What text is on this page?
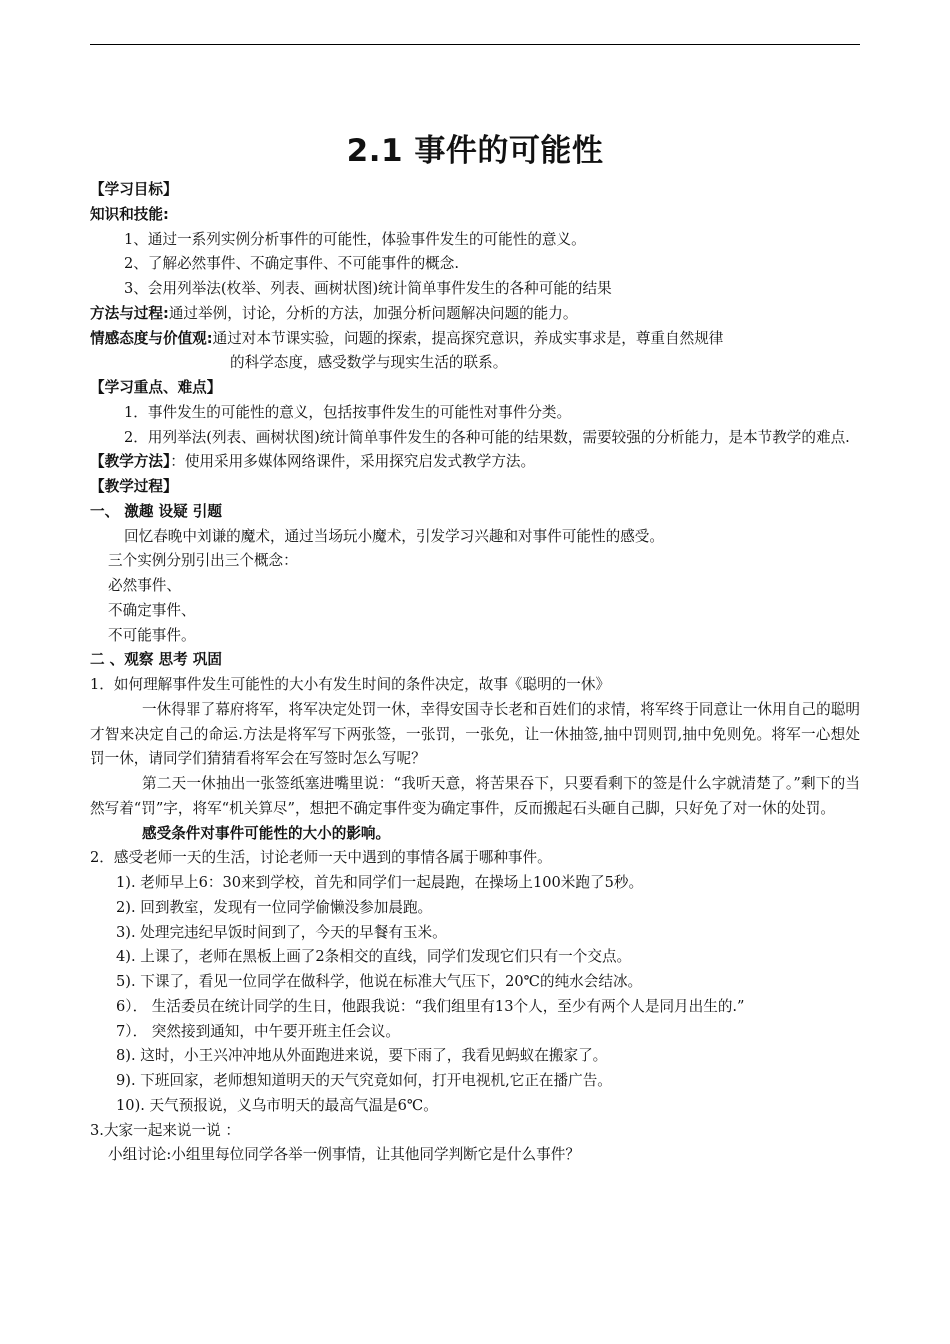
2.1 事件的可能性
【学习目标】
知识和技能:
1、通过一系列实例分析事件的可能性，体验事件发生的可能性的意义。
2、了解必然事件、不确定事件、不可能事件的概念.
3、会用列举法(枚举、列表、画树状图)统计简单事件发生的各种可能的结果
方法与过程:通过举例，讨论，分析的方法，加强分析问题解决问题的能力。
情感态度与价值观:通过对本节课实验，问题的探索，提高探究意识，养成实事求是，尊重自然规律
的科学态度，感受数学与现实生活的联系。
【学习重点、难点】
1．事件发生的可能性的意义，包括按事件发生的可能性对事件分类。
2．用列举法(列表、画树状图)统计简单事件发生的各种可能的结果数，需要较强的分析能力，是本节教学的难点.
【教学方法】：使用采用多媒体网络课件，采用探究启发式教学方法。
【教学过程】
一、 激趣 设疑 引题
回忆春晚中刘谦的魔术，通过当场玩小魔术，引发学习兴趣和对事件可能性的感受。
三个实例分别引出三个概念：
必然事件、
不确定事件、
不可能事件。
二 、观察 思考 巩固
1．如何理解事件发生可能性的大小有发生时间的条件决定，故事《聪明的一休》
一休得罪了幕府将军，将军决定处罚一休，幸得安国寺长老和百姓们的求情，将军终于同意让一休用自己的聪明才智来决定自己的命运.方法是将军写下两张签，一张罚，一张免，让一休抽签,抽中罚则罚,抽中免则免。将军一心想处罚一休，请同学们猜猜看将军会在写签时怎么写呢？
第二天一休抽出一张签纸塞进嘴里说：“我听天意，将苦果吞下，只要看剩下的签是什么字就清楚了。”剩下的当然写着“罚”字，将军“机关算尽”，想把不确定事件变为确定事件，反而搬起石头砸自己脚，只好免了对一休的处罚。
感受条件对事件可能性的大小的影响。
2．感受老师一天的生活，讨论老师一天中遇到的事情各属于哪种事件。
1). 老师早上6：30来到学校，首先和同学们一起晨跑，在操场上100米跑了5秒。
2). 回到教室，发现有一位同学偷懒没参加晨跑。
3). 处理完违纪早饭时间到了，今天的早餐有玉米。
4). 上课了，老师在黑板上画了2条相交的直线，同学们发现它们只有一个交点。
5). 下课了，看见一位同学在做科学，他说在标准大气压下，20℃的纯水会结冰。
6）． 生活委员在统计同学的生日，他跟我说：“我们组里有13个人，至少有两个人是同月出生的.”
7）． 突然接到通知，中午要开班主任会议。
8). 这时，小王兴冲冲地从外面跑进来说，要下雨了，我看见蚂蚁在搬家了。
9). 下班回家，老师想知道明天的天气究竟如何，打开电视机,它正在播广告。
10). 天气预报说，义乌市明天的最高气温是6℃。
3.大家一起来说一说 ：
小组讨论:小组里每位同学各举一例事情，让其他同学判断它是什么事件？
